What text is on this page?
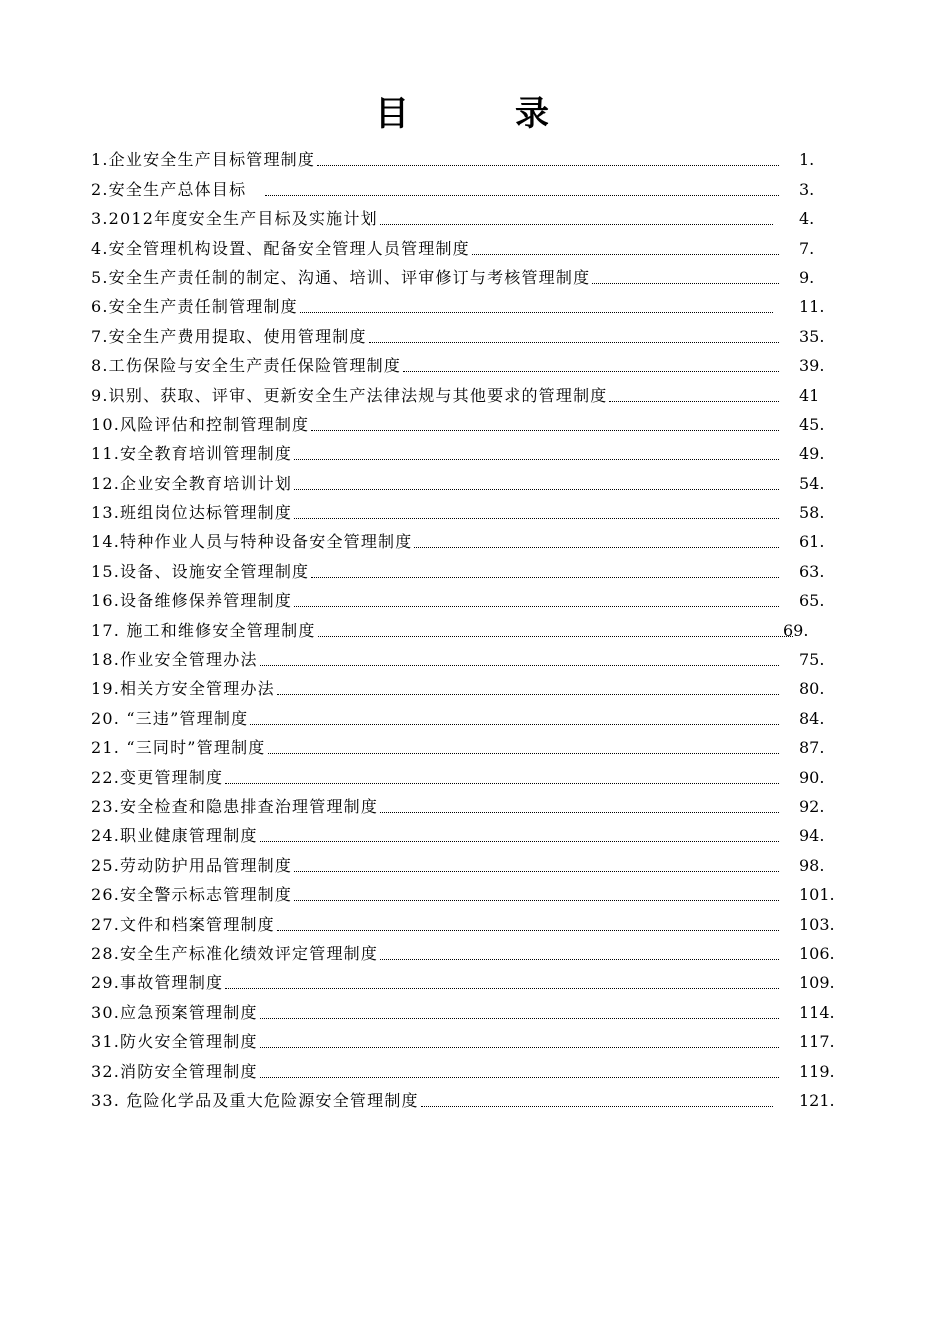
目　录
1.企业安全生产目标管理制度	1.
2.安全生产总体目标　	3.
3.2012年度安全生产目标及实施计划	4.
4.安全管理机构设置、配备安全管理人员管理制度	7.
5.安全生产责任制的制定、沟通、培训、评审修订与考核管理制度	9.
6.安全生产责任制管理制度	11.
7.安全生产费用提取、使用管理制度	35.
8.工伤保险与安全生产责任保险管理制度	39.
9.识别、获取、评审、更新安全生产法律法规与其他要求的管理制度	41
10.风险评估和控制管理制度	45.
11.安全教育培训管理制度	49.
12.企业安全教育培训计划	54.
13.班组岗位达标管理制度	58.
14.特种作业人员与特种设备安全管理制度	61.
15.设备、设施安全管理制度	63.
16.设备维修保养管理制度	65.
17. 施工和维修安全管理制度	69.
18.作业安全管理办法	75.
19.相关方安全管理办法	80.
20. “三违”管理制度	84.
21. “三同时”管理制度	87.
22.变更管理制度	90.
23.安全检查和隐患排查治理管理制度	92.
24.职业健康管理制度	94.
25.劳动防护用品管理制度	98.
26.安全警示标志管理制度	101.
27.文件和档案管理制度	103.
28.安全生产标准化绩效评定管理制度	106.
29.事故管理制度	109.
30.应急预案管理制度	114.
31.防火安全管理制度	117.
32.消防安全管理制度	119.
33. 危险化学品及重大危险源安全管理制度	121.
